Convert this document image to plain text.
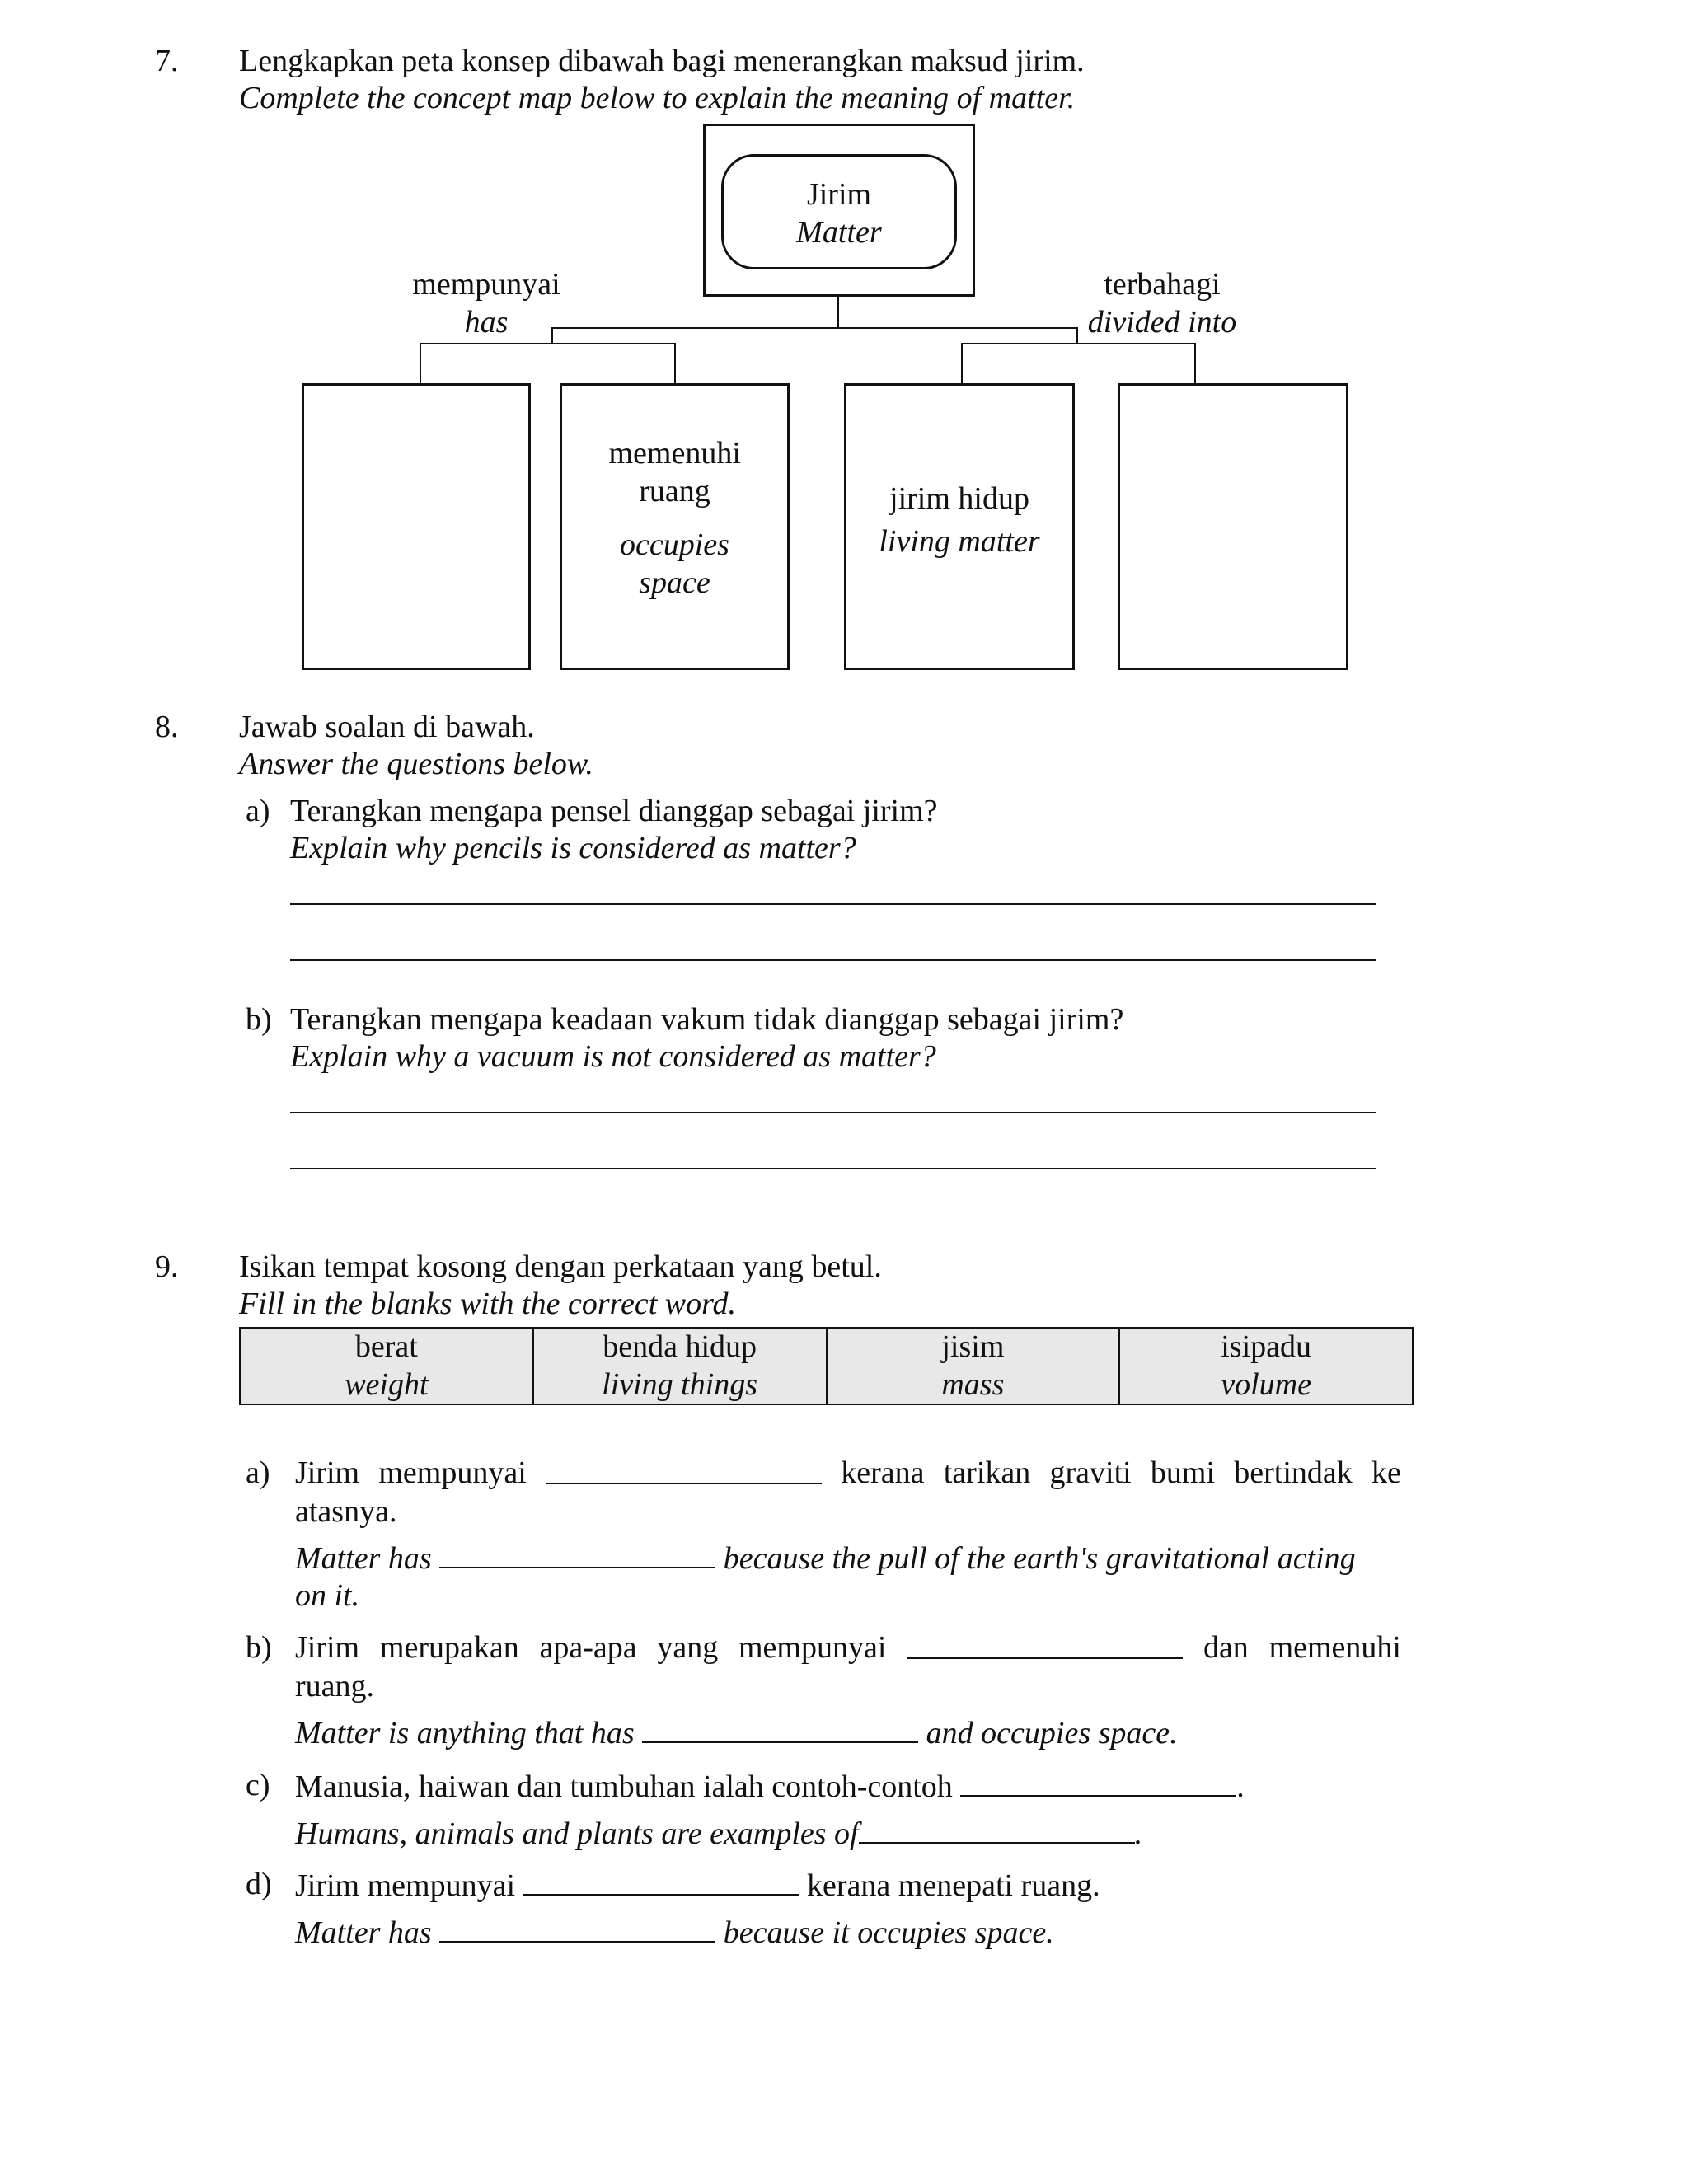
7. Lengkapkan peta konsep dibawah bagi menerangkan maksud jirim.
Complete the concept map below to explain the meaning of matter.
Jirim
Matter
mempunyai
has
terbahagi
divided into
memenuhi ruang
occupies space
jirim hidup
living matter
8. Jawab soalan di bawah.
Answer the questions below.
a) Terangkan mengapa pensel dianggap sebagai jirim?
Explain why pencils is considered as matter?
b) Terangkan mengapa keadaan vakum tidak dianggap sebagai jirim?
Explain why a vacuum is not considered as matter?
9. Isikan tempat kosong dengan perkataan yang betul.
Fill in the blanks with the correct word.
berat
weight

benda hidup
living things

jisim
mass

isipadu
volume
a) Jirim mempunyai	kerana tarikan graviti bumi bertindak ke
atasnya.
Matter has	because the pull of the earth's gravitational acting
on it.
b) Jirim merupakan apa-apa yang mempunyai	dan memenuhi
ruang.
Matter is anything that has	and occupies space.
c) Manusia, haiwan dan tumbuhan ialah contoh-contoh	.
Humans, animals and plants are examples of	.
d) Jirim mempunyai	kerana menepati ruang.
Matter has	because it occupies space.
